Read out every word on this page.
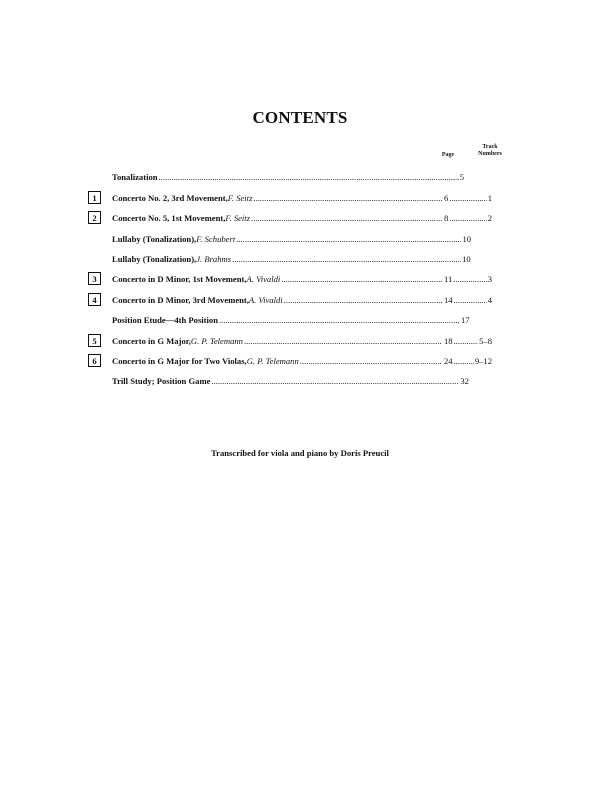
CONTENTS
Page
Track
Numbers
Tonalization .....	5
1	Concerto No. 2, 3rd Movement, F. Seitz .....	6 .....	1
2	Concerto No. 5, 1st Movement, F. Seitz .....	8 .....	2
Lullaby (Tonalization), F. Schubert .....	10
Lullaby (Tonalization), J. Brahms .....	10
3	Concerto in D Minor, 1st Movement, A. Vivaldi .....	11 .....	3
4	Concerto in D Minor, 3rd Movement, A. Vivaldi .....	14 .....	4
Position Etude—4th Position .....	17
5	Concerto in G Major, G. P. Telemann .....	18 .....	5–8
6	Concerto in G Major for Two Violas, G. P. Telemann .....	24 .....	9–12
Trill Study; Position Game .....	32
Transcribed for viola and piano by Doris Preucil
